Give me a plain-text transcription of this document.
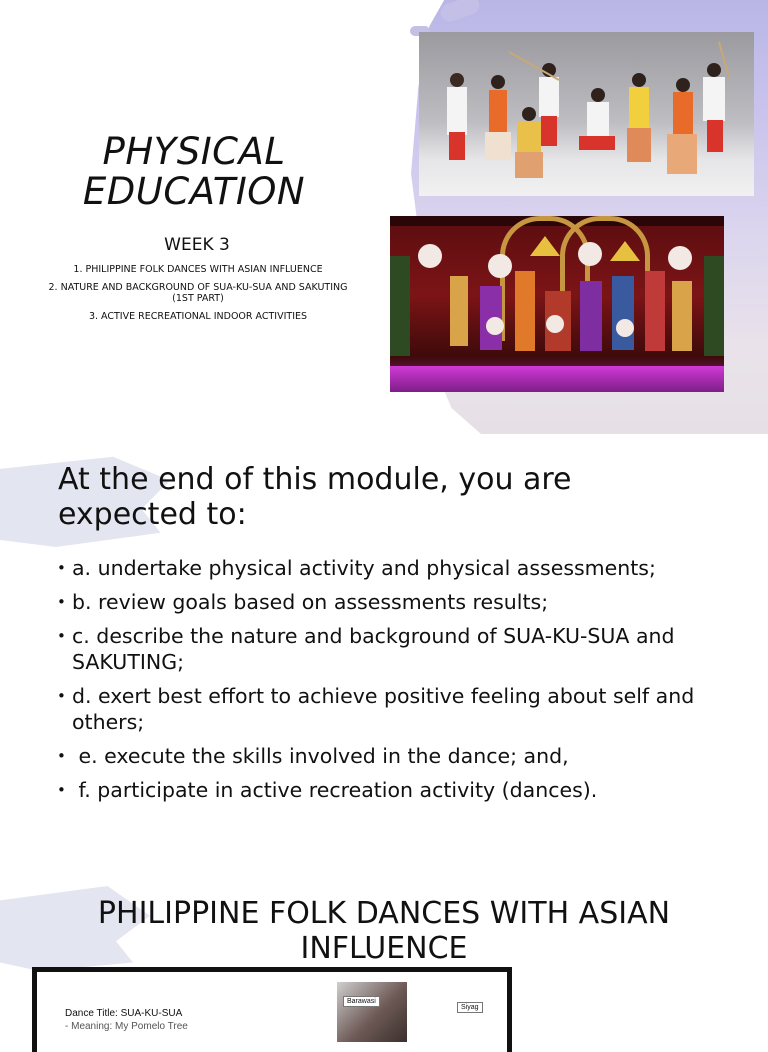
PHYSICAL EDUCATION
WEEK 3
1. PHILIPPINE FOLK DANCES WITH ASIAN INFLUENCE
2. NATURE AND BACKGROUND OF SUA-KU-SUA AND SAKUTING (1ST PART)
3. ACTIVE RECREATIONAL INDOOR ACTIVITIES
At the end of this module, you are expected to:
• a. undertake physical activity and physical assessments;
• b. review goals based on assessments results;
• c. describe the nature and background of SUA-KU-SUA and SAKUTING;
• d. exert best effort to achieve positive feeling about self and others;
•  e. execute the skills involved in the dance; and,
•  f. participate in active recreation activity (dances).
PHILIPPINE FOLK DANCES WITH ASIAN INFLUENCE
Dance Title: SUA-KU-SUA
- Meaning: My Pomelo Tree
Barawasi
Siyag
